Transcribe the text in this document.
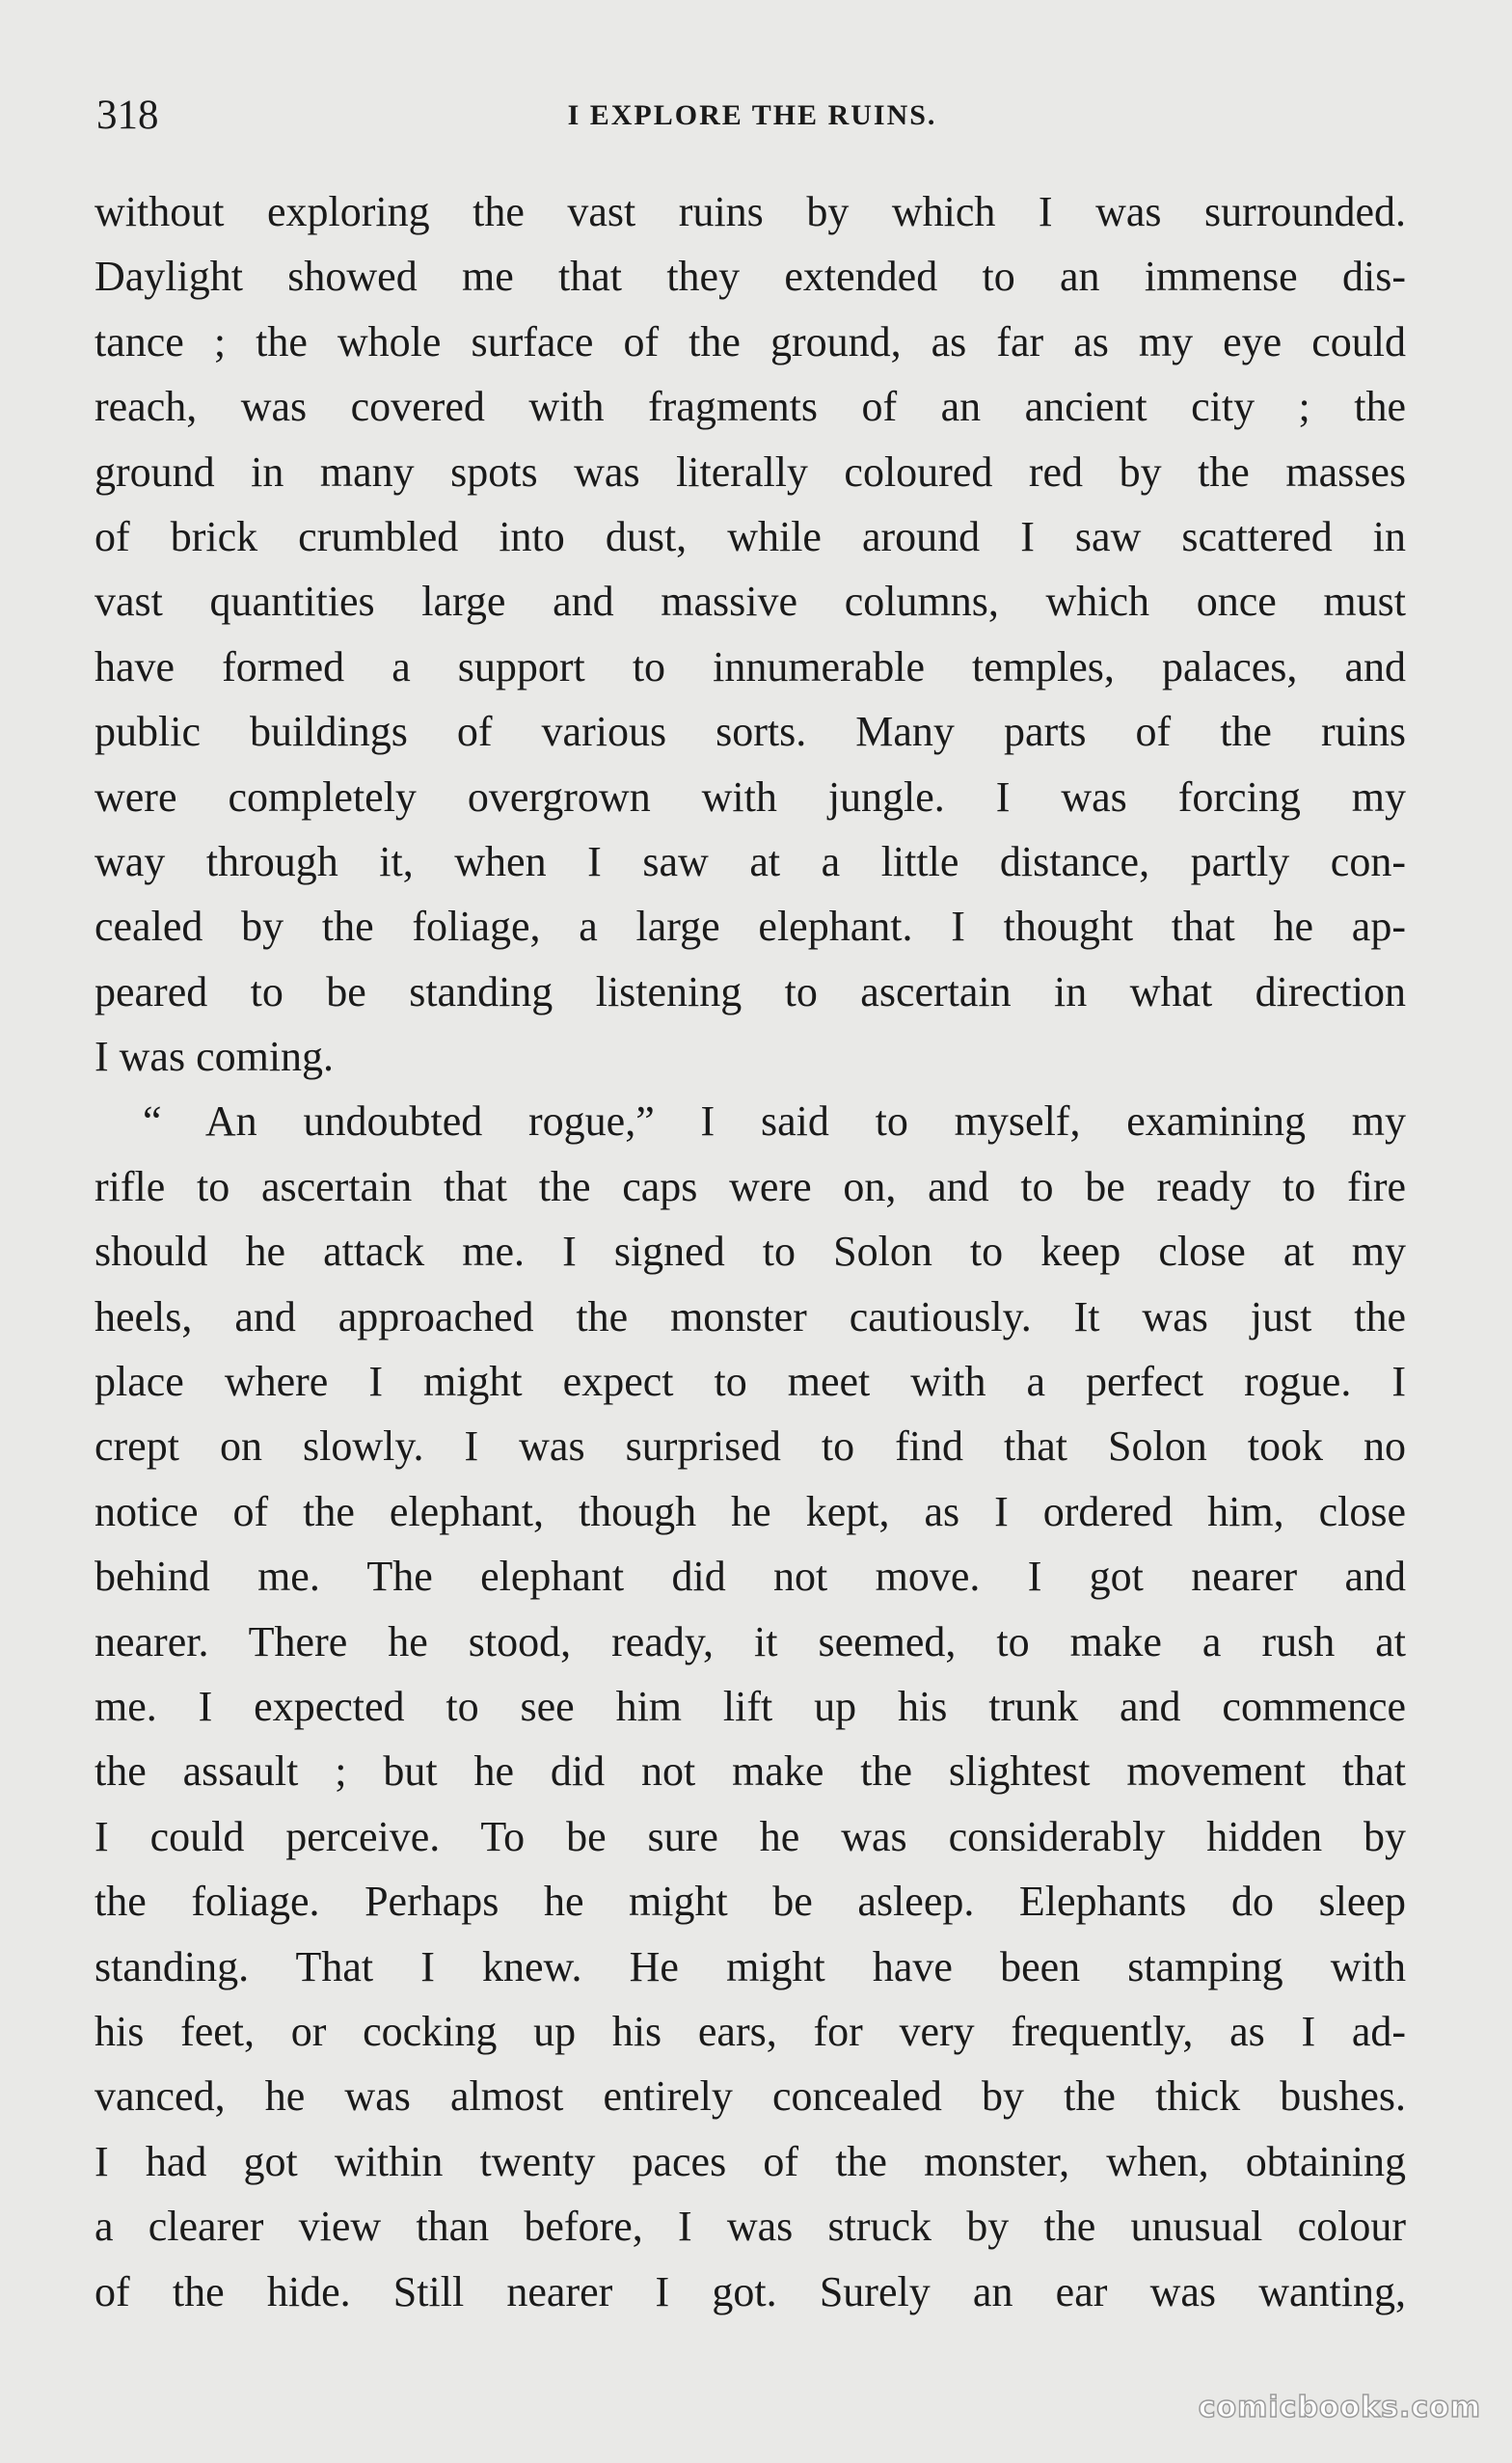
318	I EXPLORE THE RUINS.
without exploring the vast ruins by which I was surrounded.
Daylight showed me that they extended to an immense dis-
tance ; the whole surface of the ground, as far as my eye could
reach, was covered with fragments of an ancient city ; the
ground in many spots was literally coloured red by the masses
of brick crumbled into dust, while around I saw scattered in
vast quantities large and massive columns, which once must
have formed a support to innumerable temples, palaces, and
public buildings of various sorts. Many parts of the ruins
were completely overgrown with jungle. I was forcing my
way through it, when I saw at a little distance, partly con-
cealed by the foliage, a large elephant. I thought that he ap-
peared to be standing listening to ascertain in what direction
I was coming.
“ An undoubted rogue,” I said to myself, examining my
rifle to ascertain that the caps were on, and to be ready to fire
should he attack me. I signed to Solon to keep close at my
heels, and approached the monster cautiously. It was just the
place where I might expect to meet with a perfect rogue. I
crept on slowly. I was surprised to find that Solon took no
notice of the elephant, though he kept, as I ordered him, close
behind me. The elephant did not move. I got nearer and
nearer. There he stood, ready, it seemed, to make a rush at
me. I expected to see him lift up his trunk and commence
the assault ; but he did not make the slightest movement that
I could perceive. To be sure he was considerably hidden by
the foliage. Perhaps he might be asleep. Elephants do sleep
standing. That I knew. He might have been stamping with
his feet, or cocking up his ears, for very frequently, as I ad-
vanced, he was almost entirely concealed by the thick bushes.
I had got within twenty paces of the monster, when, obtaining
a clearer view than before, I was struck by the unusual colour
of the hide. Still nearer I got. Surely an ear was wanting,
comicbooks.com
